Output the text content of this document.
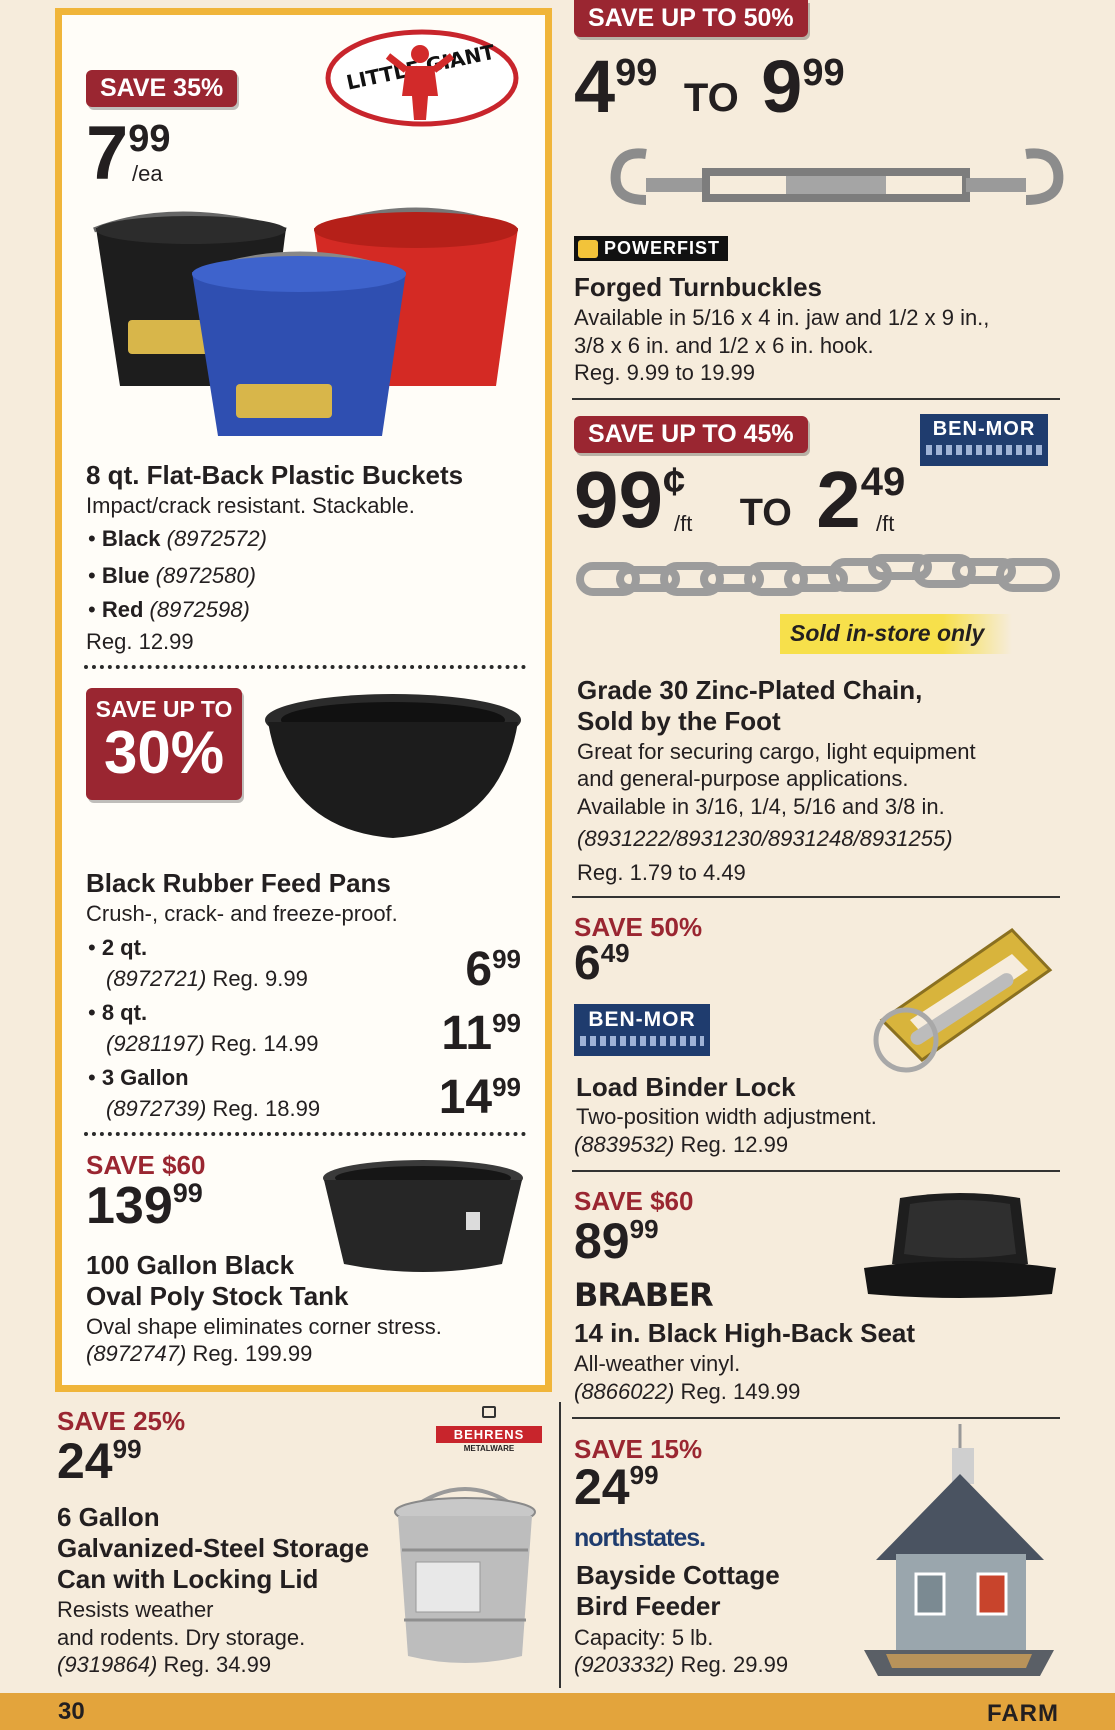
LITTLE GIANT
SAVE 35%
799
/ea
8 qt. Flat-Back Plastic Buckets
Impact/crack resistant. Stackable.
• Black (8972572)
• Blue (8972580)
• Red (8972598)
Reg. 12.99
SAVE UP TO
30%
Black Rubber Feed Pans
Crush-, crack- and freeze-proof.
• 2 qt.
(8972721) Reg. 9.99	699
• 8 qt.
(9281197) Reg. 14.99	1199
• 3 Gallon
(8972739) Reg. 18.99 1499
SAVE $60
13999
100 Gallon Black
Oval Poly Stock Tank
Oval shape eliminates corner stress.
(8972747) Reg. 199.99
SAVE 25%
2499	BEHRENS
METALWARE
6 Gallon
Galvanized-Steel Storage
Can with Locking Lid
Resists weather
and rodents. Dry storage.
(9319864) Reg. 34.99
SAVE UP TO 50%
499 TO 999
POWERFIST
Forged Turnbuckles
Available in 5/16 x 4 in. jaw and 1/2 x 9 in.,
3/8 x 6 in. and 1/2 x 6 in. hook.
Reg. 9.99 to 19.99
SAVE UP TO 45%	BEN-MOR
99¢ TO 249
/ft	/ft
Sold in-store only
Grade 30 Zinc-Plated Chain,
Sold by the Foot
Great for securing cargo, light equipment
and general-purpose applications.
Available in 3/16, 1/4, 5/16 and 3/8 in.
(8931222/8931230/8931248/8931255)
Reg. 1.79 to 4.49
SAVE 50%
649
BEN-MOR
Load Binder Lock
Two-position width adjustment.
(8839532) Reg. 12.99
SAVE $60
8999
BRABER
14 in. Black High-Back Seat
All-weather vinyl.
(8866022) Reg. 149.99
SAVE 15%
2499
northstates.
Bayside Cottage
Bird Feeder
Capacity: 5 lb.
(9203332) Reg. 29.99
30	FARM
